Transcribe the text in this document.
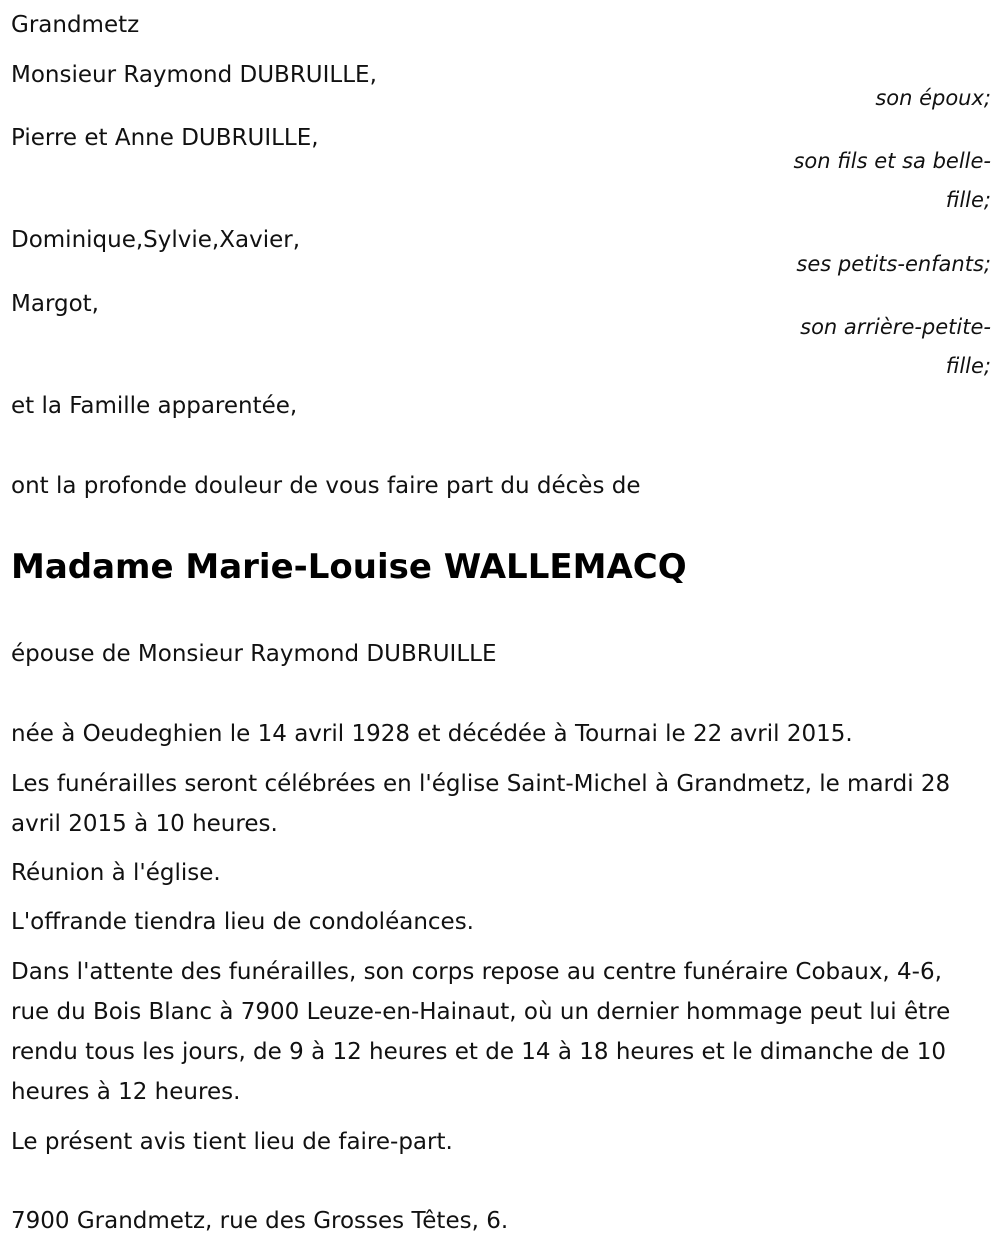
Grandmetz
Monsieur Raymond DUBRUILLE,
son époux;
Pierre et Anne DUBRUILLE,
son fils et sa belle-fille;
Dominique,Sylvie,Xavier,
ses petits-enfants;
Margot,
son arrière-petite-fille;
et la Famille apparentée,
ont la profonde douleur de vous faire part du décès de
Madame Marie-Louise WALLEMACQ
épouse de Monsieur Raymond DUBRUILLE
née à Oeudeghien le 14 avril 1928 et décédée à Tournai le 22 avril 2015.
Les funérailles seront célébrées en l'église Saint-Michel à Grandmetz, le mardi 28 avril 2015 à 10 heures.
Réunion à l'église.
L'offrande tiendra lieu de condoléances.
Dans l'attente des funérailles, son corps repose au centre funéraire Cobaux, 4-6, rue du Bois Blanc à 7900 Leuze-en-Hainaut, où un dernier hommage peut lui être rendu tous les jours, de 9 à 12 heures et de 14 à 18 heures et le dimanche de 10 heures à 12 heures.
Le présent avis tient lieu de faire-part.
7900 Grandmetz, rue des Grosses Têtes, 6.
